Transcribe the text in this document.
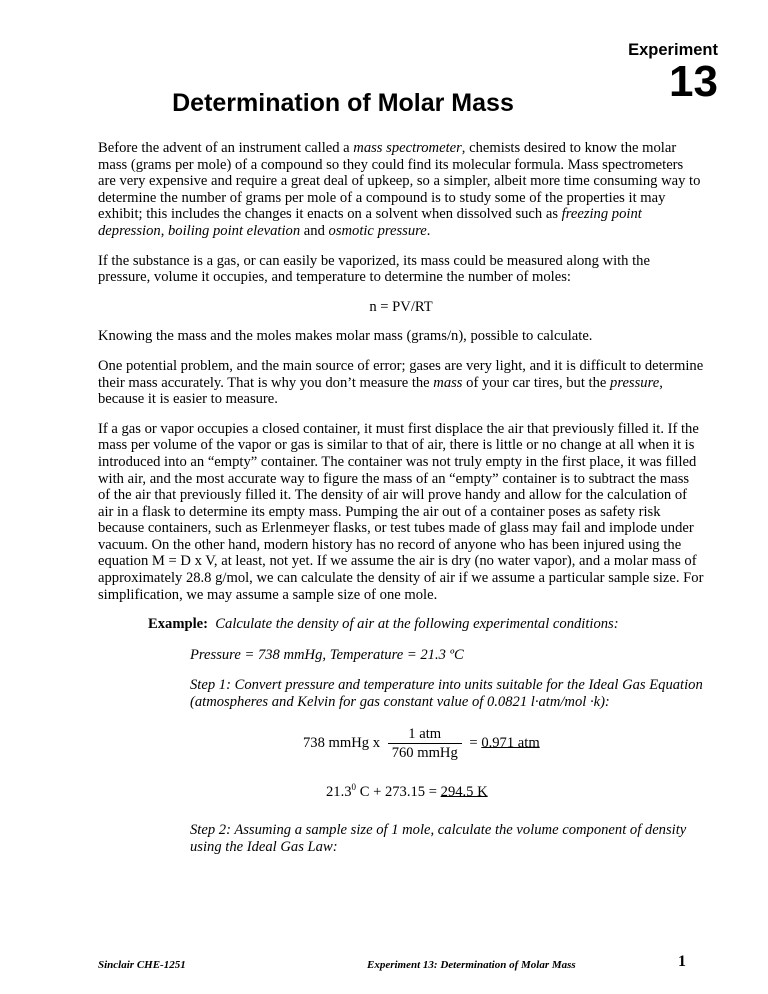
Experiment
13
Determination of Molar Mass
Before the advent of an instrument called a mass spectrometer, chemists desired to know the molar mass (grams per mole) of a compound so they could find its molecular formula. Mass spectrometers are very expensive and require a great deal of upkeep, so a simpler, albeit more time consuming way to determine the number of grams per mole of a compound is to study some of the properties it may exhibit; this includes the changes it enacts on a solvent when dissolved such as freezing point depression, boiling point elevation and osmotic pressure.
If the substance is a gas, or can easily be vaporized, its mass could be measured along with the pressure, volume it occupies, and temperature to determine the number of moles:
n = PV/RT
Knowing the mass and the moles makes molar mass (grams/n), possible to calculate.
One potential problem, and the main source of error; gases are very light, and it is difficult to determine their mass accurately. That is why you don’t measure the mass of your car tires, but the pressure, because it is easier to measure.
If a gas or vapor occupies a closed container, it must first displace the air that previously filled it. If the mass per volume of the vapor or gas is similar to that of air, there is little or no change at all when it is introduced into an “empty” container. The container was not truly empty in the first place, it was filled with air, and the most accurate way to figure the mass of an “empty” container is to subtract the mass of the air that previously filled it. The density of air will prove handy and allow for the calculation of air in a flask to determine its empty mass. Pumping the air out of a container poses as safety risk because containers, such as Erlenmeyer flasks, or test tubes made of glass may fail and implode under vacuum. On the other hand, modern history has no record of anyone who has been injured using the equation M = D x V, at least, not yet. If we assume the air is dry (no water vapor), and a molar mass of approximately 28.8 g/mol, we can calculate the density of air if we assume a particular sample size. For simplification, we may assume a sample size of one mole.
Example: Calculate the density of air at the following experimental conditions:
Pressure = 738 mmHg, Temperature = 21.3 ºC
Step 1: Convert pressure and temperature into units suitable for the Ideal Gas Equation (atmospheres and Kelvin for gas constant value of 0.0821 l·atm/mol ·k):
738 mmHg x $\frac{\text{1 atm}}{\text{760 mmHg}} = 0.971$ atm
21.3$^0$ C + 273.15 = 294.5 K
Step 2: Assuming a sample size of 1 mole, calculate the volume component of density using the Ideal Gas Law:
Sinclair CHE-1251	Experiment 13: Determination of Molar Mass	1
